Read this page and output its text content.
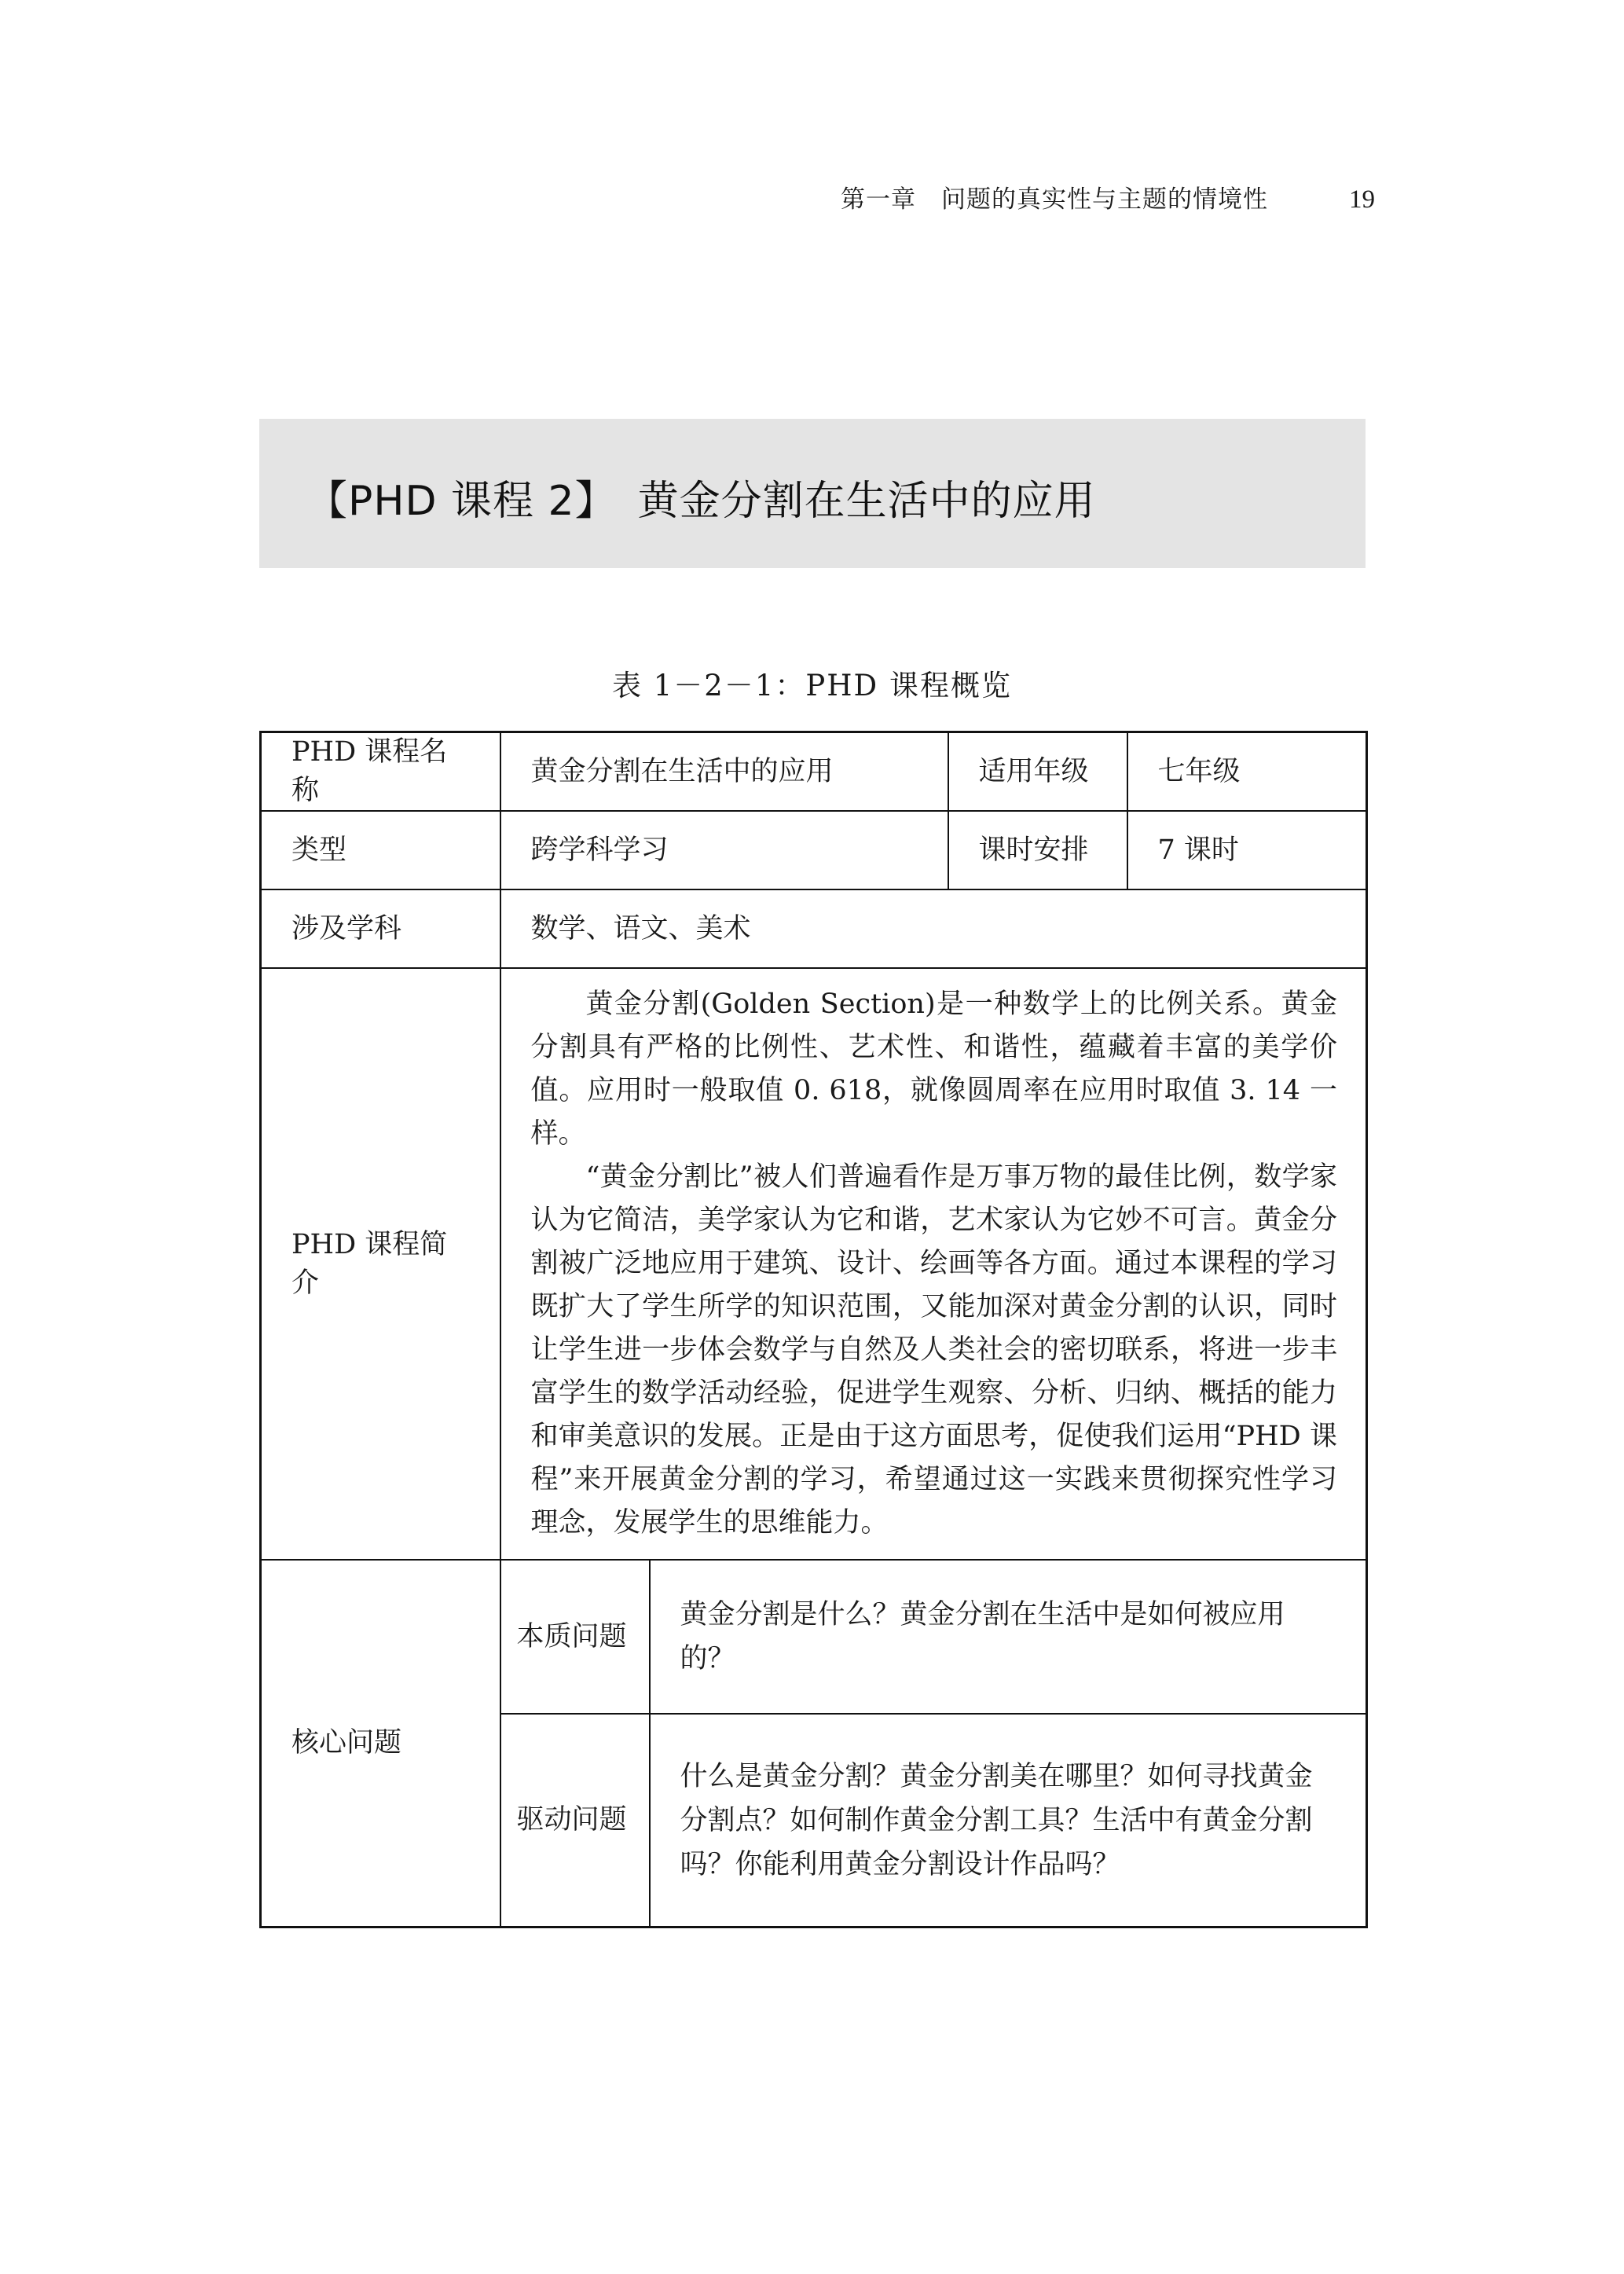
第一章　问题的真实性与主题的情境性	19
【PHD 课程 2】　黄金分割在生活中的应用
表 1－2－1：PHD 课程概览
PHD 课程名称	黄金分割在生活中的应用		适用年级	七年级
类型	跨学科学习		课时安排	7 课时
涉及学科	数学、语文、美术			
PHD 课程简介	黄金分割(Golden Section)是一种数学上的比例关系。黄金分割具有严格的比例性、艺术性、和谐性，蕴藏着丰富的美学价值。应用时一般取值 0. 618，就像圆周率在应用时取值 3. 14 一样。

“黄金分割比”被人们普遍看作是万事万物的最佳比例，数学家认为它简洁，美学家认为它和谐，艺术家认为它妙不可言。黄金分割被广泛地应用于建筑、设计、绘画等各方面。通过本课程的学习既扩大了学生所学的知识范围，又能加深对黄金分割的认识，同时让学生进一步体会数学与自然及人类社会的密切联系，将进一步丰富学生的数学活动经验，促进学生观察、分析、归纳、概括的能力和审美意识的发展。正是由于这方面思考，促使我们运用“PHD 课程”来开展黄金分割的学习，希望通过这一实践来贯彻探究性学习理念，发展学生的思维能力。			

核心问题	本质问题	黄金分割是什么？黄金分割在生活中是如何被应用的？		
	驱动问题	什么是黄金分割？黄金分割美在哪里？如何寻找黄金分割点？如何制作黄金分割工具？生活中有黄金分割吗？你能利用黄金分割设计作品吗？		
